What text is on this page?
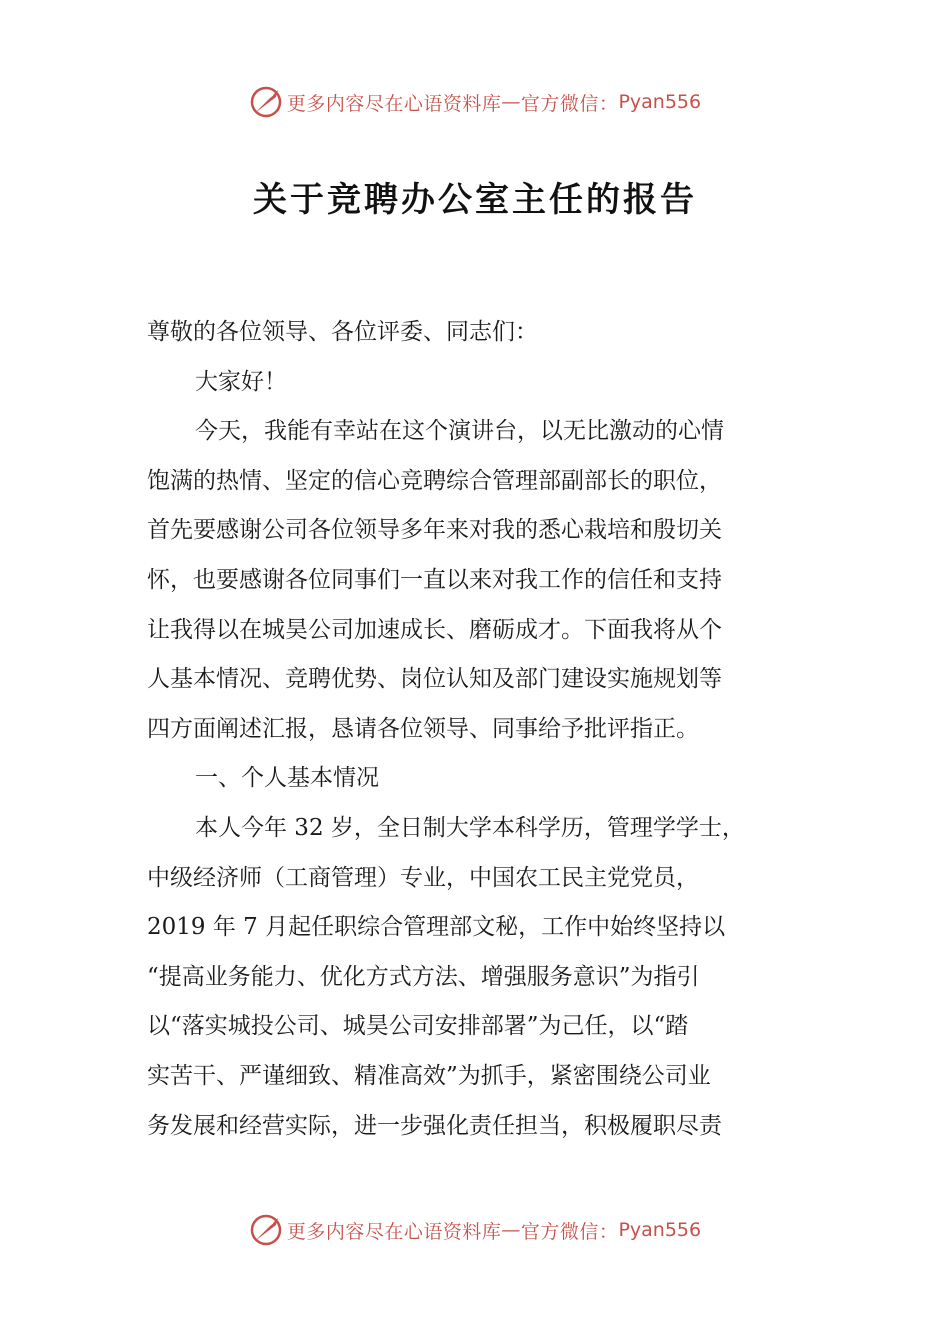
更多内容尽在心语资料库 — 官方微信： Pyan556
关于竞聘办公室主任的报告
尊敬的各位领导、各位评委、同志们：
大家好！
今天，我能有幸站在这个演讲台，以无比激动的心情
饱满的热情、坚定的信心竞聘综合管理部副部长的职位，
首先要感谢公司各位领导多年来对我的悉心栽培和殷切关
怀，也要感谢各位同事们一直以来对我工作的信任和支持
让我得以在城昊公司加速成长、磨砺成才。下面我将从个
人基本情况、竞聘优势、岗位认知及部门建设实施规划等
四方面阐述汇报，恳请各位领导、同事给予批评指正。
一、个人基本情况
本人今年 32 岁，全日制大学本科学历，管理学学士，
中级经济师（工商管理）专业，中国农工民主党党员，
2019 年 7 月起任职综合管理部文秘，工作中始终坚持以
“提高业务能力、优化方式方法、增强服务意识”为指引
以“落实城投公司、城昊公司安排部署”为己任，以“踏
实苦干、严谨细致、精准高效”为抓手，紧密围绕公司业
务发展和经营实际，进一步强化责任担当，积极履职尽责
更多内容尽在心语资料库 — 官方微信： Pyan556
